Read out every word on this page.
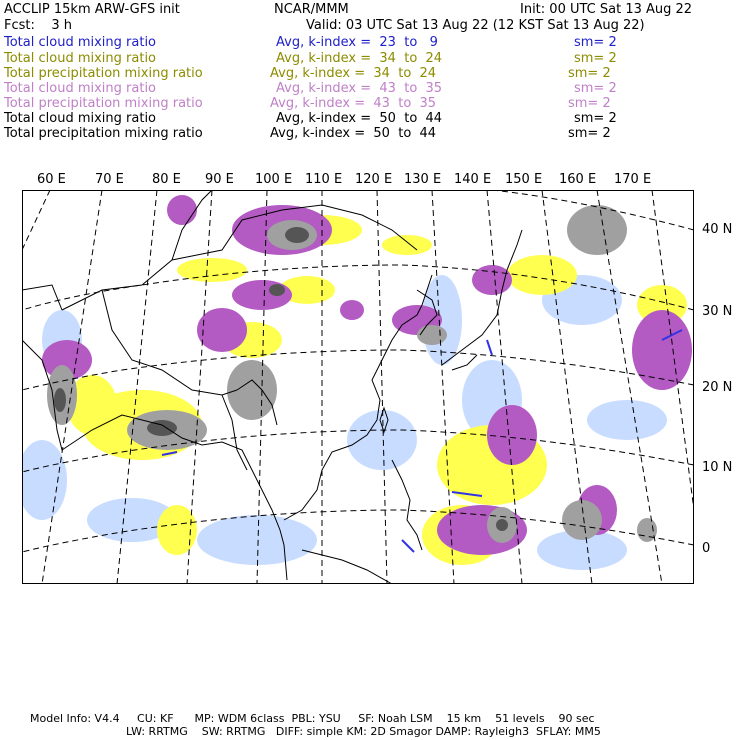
ACCLIP 15km ARW-GFS init	NCAR/MMM	Init: 00 UTC Sat 13 Aug 22
Fcst:    3 h	Valid: 03 UTC Sat 13 Aug 22 (12 KST Sat 13 Aug 22)
Total cloud mixing ratio	Avg, k-index =  23  to   9	sm= 2
Total cloud mixing ratio	Avg, k-index =  34  to  24	sm= 2
Total precipitation mixing ratio	Avg, k-index =  34  to  24	sm= 2
Total cloud mixing ratio	Avg, k-index =  43  to  35	sm= 2
Total precipitation mixing ratio	Avg, k-index =  43  to  35	sm= 2
Total cloud mixing ratio	Avg, k-index =  50  to  44	sm= 2
Total precipitation mixing ratio	Avg, k-index =  50  to  44	sm= 2
60 E 70 E 80 E 90 E 100 E 110 E 120 E 130 E 140 E 150 E 160 E 170 E
40 N
30 N
20 N
10 N
0
Model Info: V4.4     CU: KF      MP: WDM 6class  PBL: YSU     SF: Noah LSM    15 km    51 levels    90 sec
LW: RRTMG    SW: RRTMG   DIFF: simple KM: 2D Smagor DAMP: Rayleigh3  SFLAY: MM5
